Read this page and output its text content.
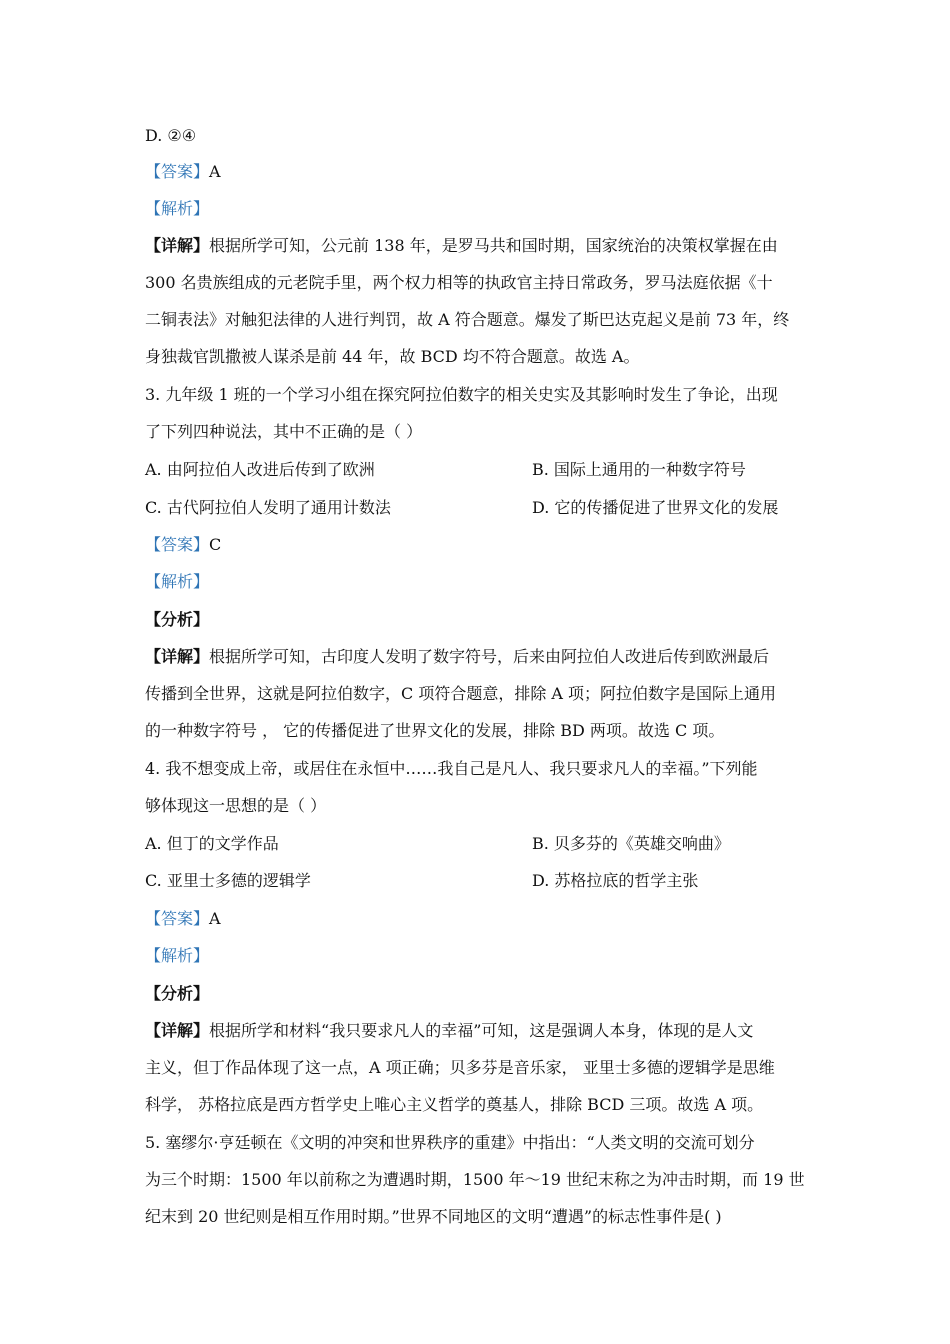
D. ②④
【答案】A
【解析】
【详解】根据所学可知，公元前 138 年，是罗马共和国时期，国家统治的决策权掌握在由
300 名贵族组成的元老院手里，两个权力相等的执政官主持日常政务，罗马法庭依据《十
二铜表法》对触犯法律的人进行判罚，故 A 符合题意。爆发了斯巴达克起义是前 73 年，终
身独裁官凯撒被人谋杀是前 44 年，故 BCD 均不符合题意。故选 A。
3. 九年级 1 班的一个学习小组在探究阿拉伯数字的相关史实及其影响时发生了争论，出现
了下列四种说法，其中不正确的是（ ）
A. 由阿拉伯人改进后传到了欧洲	B. 国际上通用的一种数字符号
C. 古代阿拉伯人发明了通用计数法	D. 它的传播促进了世界文化的发展
【答案】C
【解析】
【分析】
【详解】根据所学可知，古印度人发明了数字符号，后来由阿拉伯人改进后传到欧洲最后
传播到全世界，这就是阿拉伯数字，C 项符合题意，排除 A 项；阿拉伯数字是国际上通用
的一种数字符号 ， 它的传播促进了世界文化的发展，排除 BD 两项。故选 C 项。
4. 我不想变成上帝，或居住在永恒中……我自己是凡人、我只要求凡人的幸福。”下列能
够体现这一思想的是（ ）
A. 但丁的文学作品	B. 贝多芬的《英雄交响曲》
C. 亚里士多德的逻辑学	D. 苏格拉底的哲学主张
【答案】A
【解析】
【分析】
【详解】根据所学和材料“我只要求凡人的幸福”可知，这是强调人本身，体现的是人文
主义，但丁作品体现了这一点，A 项正确；贝多芬是音乐家， 亚里士多德的逻辑学是思维
科学， 苏格拉底是西方哲学史上唯心主义哲学的奠基人，排除 BCD 三项。故选 A 项。
5. 塞缪尔·亨廷顿在《文明的冲突和世界秩序的重建》中指出：“人类文明的交流可划分
为三个时期：1500 年以前称之为遭遇时期，1500 年～19 世纪末称之为冲击时期，而 19 世
纪末到 20 世纪则是相互作用时期。”世界不同地区的文明“遭遇”的标志性事件是( )
